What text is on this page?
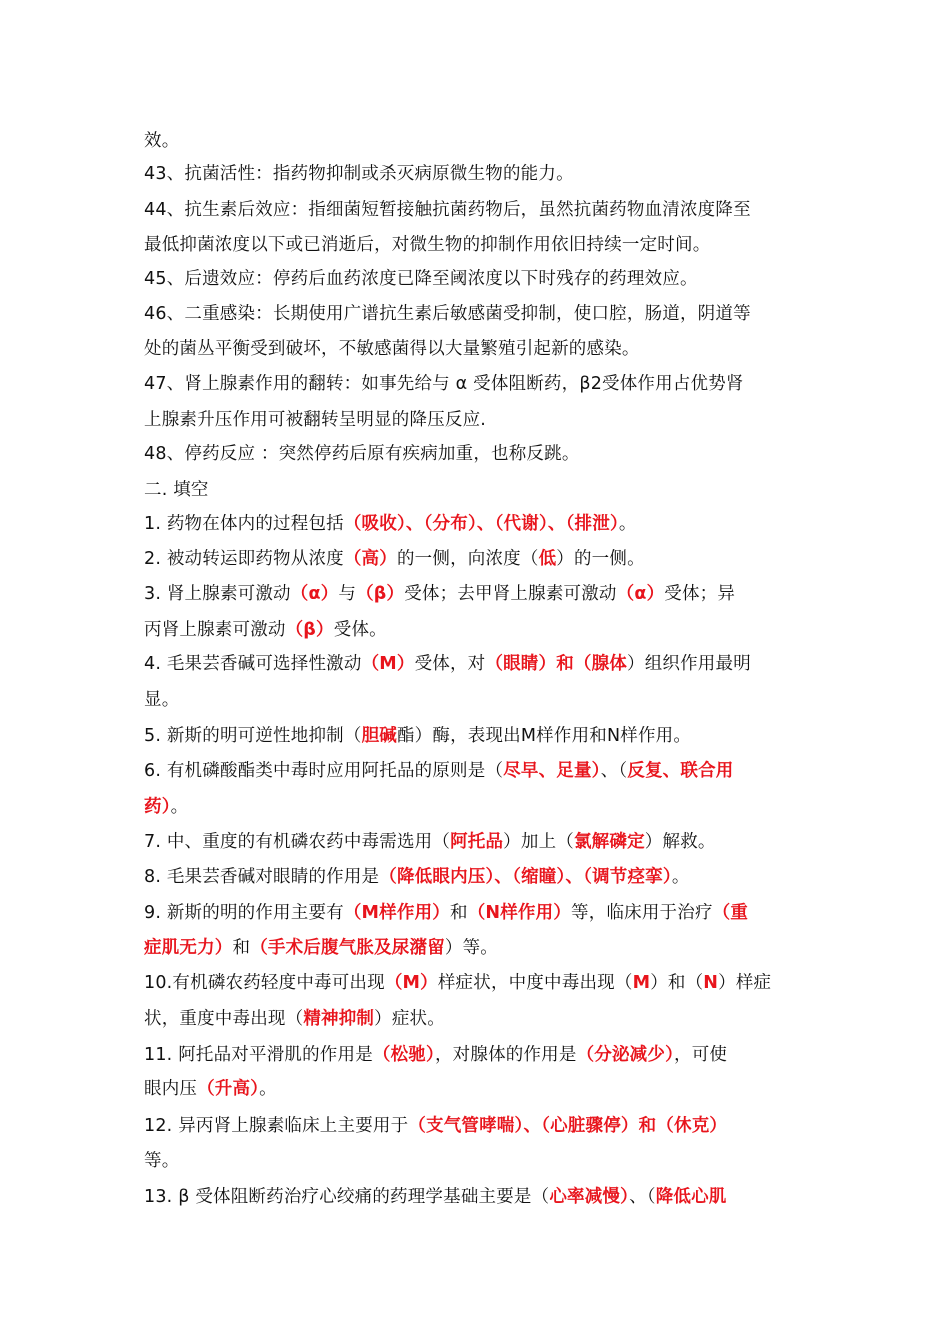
效。
43、抗菌活性：指药物抑制或杀灭病原微生物的能力。
44、抗生素后效应：指细菌短暂接触抗菌药物后，虽然抗菌药物血清浓度降至
最低抑菌浓度以下或已消逝后，对微生物的抑制作用依旧持续一定时间。
45、后遗效应：停药后血药浓度已降至阈浓度以下时残存的药理效应。
46、二重感染：长期使用广谱抗生素后敏感菌受抑制，使口腔，肠道，阴道等
处的菌丛平衡受到破坏，不敏感菌得以大量繁殖引起新的感染。
47、肾上腺素作用的翻转：如事先给与 α 受体阻断药，β2受体作用占优势肾
上腺素升压作用可被翻转呈明显的降压反应.
48、停药反应 ：突然停药后原有疾病加重，也称反跳。
二. 填空
1. 药物在体内的过程包括（吸收）、（分布）、（代谢）、（排泄）。
2. 被动转运即药物从浓度（高）的一侧，向浓度（低）的一侧。
3. 肾上腺素可激动（α）与（β）受体；去甲肾上腺素可激动（α）受体；异
丙肾上腺素可激动（β）受体。
4. 毛果芸香碱可选择性激动（M）受体，对（眼睛）和（腺体）组织作用最明
显。
5. 新斯的明可逆性地抑制（胆碱酯）酶，表现出M样作用和N样作用。
6. 有机磷酸酯类中毒时应用阿托品的原则是（尽早、足量）、（反复、联合用
药）。
7. 中、重度的有机磷农药中毒需选用（阿托品）加上（氯解磷定）解救。
8. 毛果芸香碱对眼睛的作用是（降低眼内压）、（缩瞳）、（调节痉挛）。
9. 新斯的明的作用主要有（M样作用）和（N样作用）等，临床用于治疗（重
症肌无力）和（手术后腹气胀及尿潴留）等。
10.有机磷农药轻度中毒可出现（M）样症状，中度中毒出现（M）和（N）样症
状，重度中毒出现（精神抑制）症状。
11. 阿托品对平滑肌的作用是（松驰），对腺体的作用是（分泌减少），可使
眼内压（升高）。
12. 异丙肾上腺素临床上主要用于（支气管哮喘）、（心脏骤停）和（休克）
等。
13. β 受体阻断药治疗心绞痛的药理学基础主要是（心率减慢）、（降低心肌
